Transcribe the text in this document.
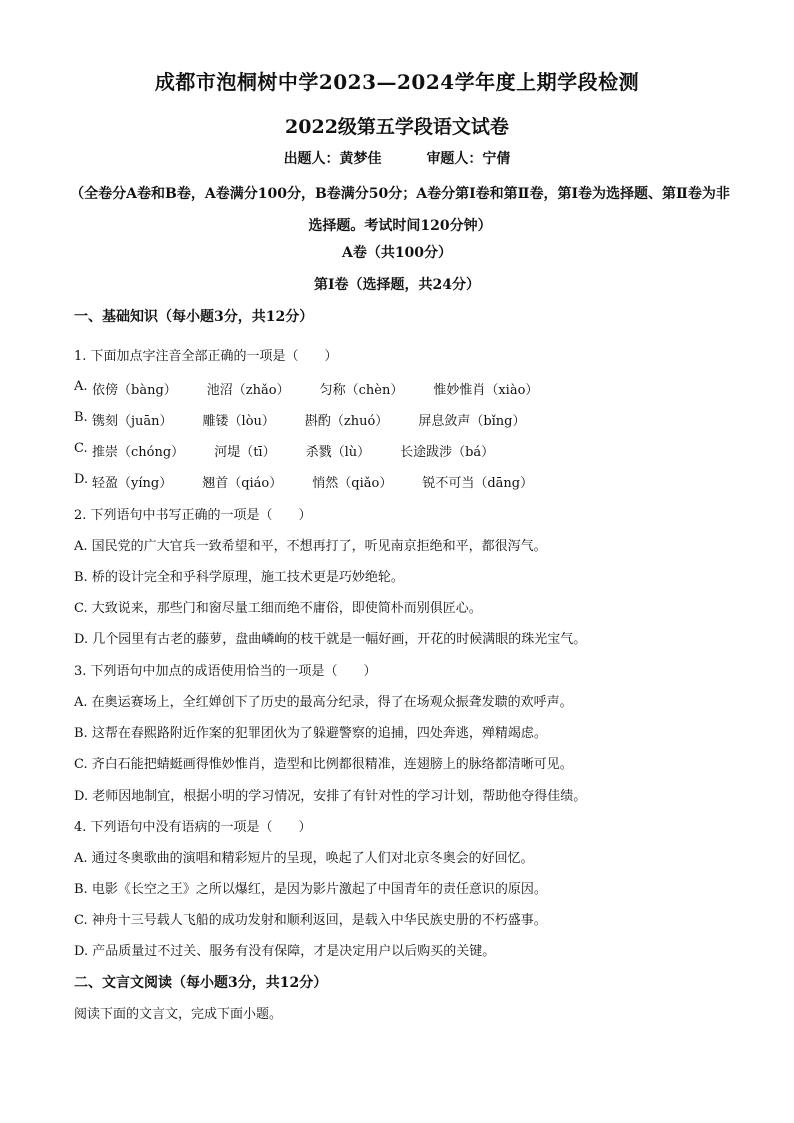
成都市泡桐树中学2023—2024学年度上期学段检测
2022级第五学段语文试卷
出题人：黄梦佳	审题人：宁倩
（全卷分A卷和B卷，A卷满分100分，B卷满分50分；A卷分第Ⅰ卷和第Ⅱ卷，第Ⅰ卷为选择题、第Ⅱ卷为非选择题。考试时间120分钟）
A卷（共100分）
第Ⅰ卷（选择题，共24分）
一、基础知识（每小题3分，共12分）
1. 下面加点字注音全部正确的一项是（　　）
A. 依傍（bàng） 池沼（zhǎo） 匀称（chèn） 惟妙惟肖（xiào）
B. 镌刻（juān） 雕镂（lòu） 斟酌（zhuó） 屏息敛声（bǐng）
C. 推崇（chóng） 河堤（tī） 杀戮（lù） 长途跋涉（bá）
D. 轻盈（yíng） 翘首（qiáo） 悄然（qiǎo） 锐不可当（dāng）
2. 下列语句中书写正确的一项是（　　）
A. 国民党的广大官兵一致希望和平，不想再打了，听见南京拒绝和平，都很泻气。
B. 桥的设计完全和乎科学原理，施工技术更是巧妙绝轮。
C. 大致说来，那些门和窗尽量工细而绝不庸俗，即使简朴而别俱匠心。
D. 几个园里有古老的藤萝，盘曲嶙峋的枝干就是一幅好画，开花的时候满眼的珠光宝气。
3. 下列语句中加点的成语使用恰当的一项是（　　）
A. 在奥运赛场上，全红婵创下了历史的最高分纪录，得了在场观众振聋发聩的欢呼声。
B. 这帮在春熙路附近作案的犯罪团伙为了躲避警察的追捕，四处奔逃，殚精竭虑。
C. 齐白石能把蜻蜓画得惟妙惟肖，造型和比例都很精准，连翅膀上的脉络都清晰可见。
D. 老师因地制宜，根据小明的学习情况，安排了有针对性的学习计划，帮助他夺得佳绩。
4. 下列语句中没有语病的一项是（　　）
A. 通过冬奥歌曲的演唱和精彩短片的呈现，唤起了人们对北京冬奥会的好回忆。
B. 电影《长空之王》之所以爆红，是因为影片激起了中国青年的责任意识的原因。
C. 神舟十三号载人飞船的成功发射和顺利返回，是载入中华民族史册的不朽盛事。
D. 产品质量过不过关、服务有没有保障，才是决定用户以后购买的关键。
二、文言文阅读（每小题3分，共12分）
阅读下面的文言文，完成下面小题。
